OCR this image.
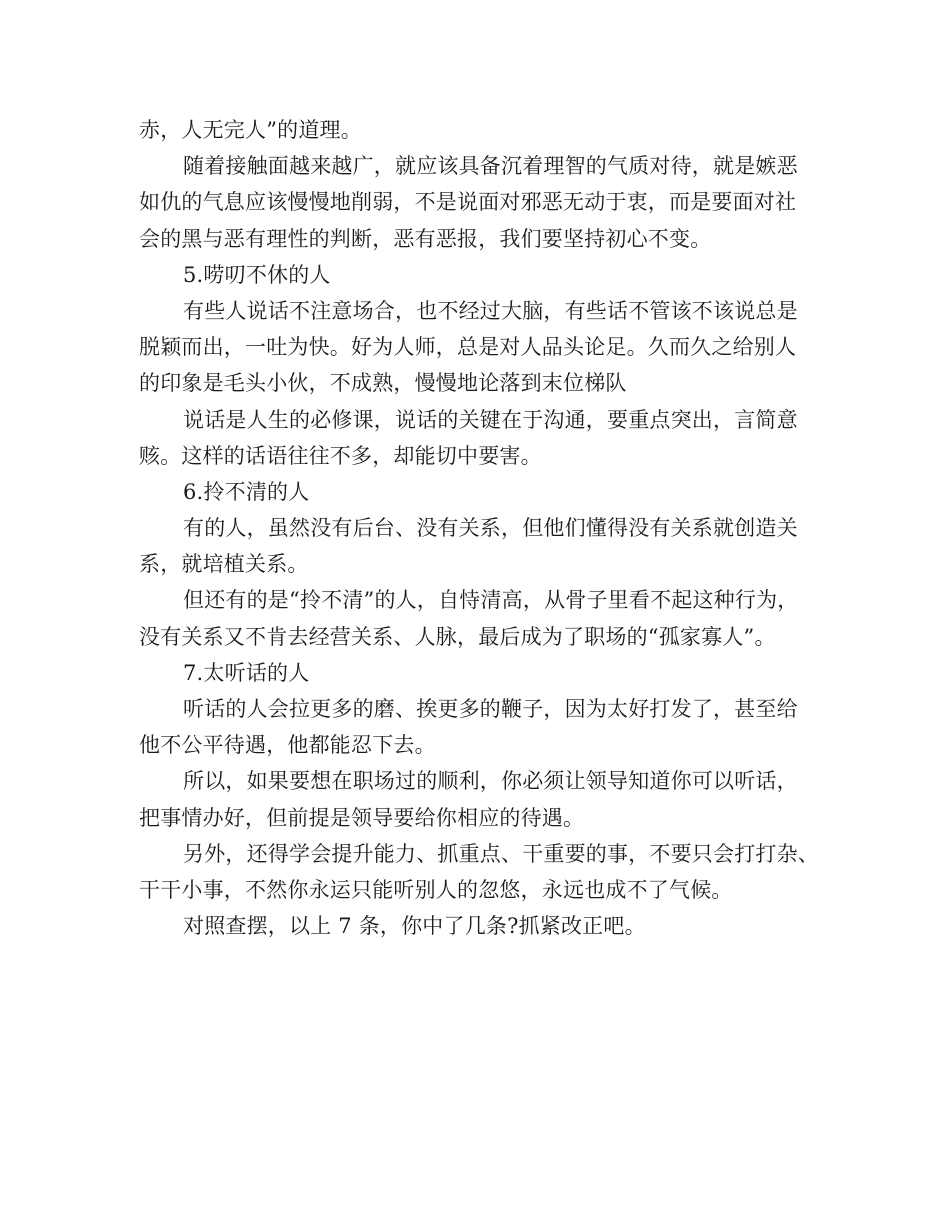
赤，人无完人”的道理。
随着接触面越来越广，就应该具备沉着理智的气质对待，就是嫉恶
如仇的气息应该慢慢地削弱，不是说面对邪恶无动于衷，而是要面对社
会的黑与恶有理性的判断，恶有恶报，我们要坚持初心不变。
5.唠叨不休的人
有些人说话不注意场合，也不经过大脑，有些话不管该不该说总是
脱颖而出，一吐为快。好为人师，总是对人品头论足。久而久之给别人
的印象是毛头小伙，不成熟，慢慢地论落到末位梯队
说话是人生的必修课，说话的关键在于沟通，要重点突出，言简意
赅。这样的话语往往不多，却能切中要害。
6.拎不清的人
有的人，虽然没有后台、没有关系，但他们懂得没有关系就创造关
系，就培植关系。
但还有的是“拎不清”的人，自恃清高，从骨子里看不起这种行为，
没有关系又不肯去经营关系、人脉，最后成为了职场的“孤家寡人”。
7.太听话的人
听话的人会拉更多的磨、挨更多的鞭子，因为太好打发了，甚至给
他不公平待遇，他都能忍下去。
所以，如果要想在职场过的顺利，你必须让领导知道你可以听话，
把事情办好，但前提是领导要给你相应的待遇。
另外，还得学会提升能力、抓重点、干重要的事，不要只会打打杂、
干干小事，不然你永运只能听别人的忽悠，永远也成不了气候。
对照查摆，以上 7 条，你中了几条?抓紧改正吧。
